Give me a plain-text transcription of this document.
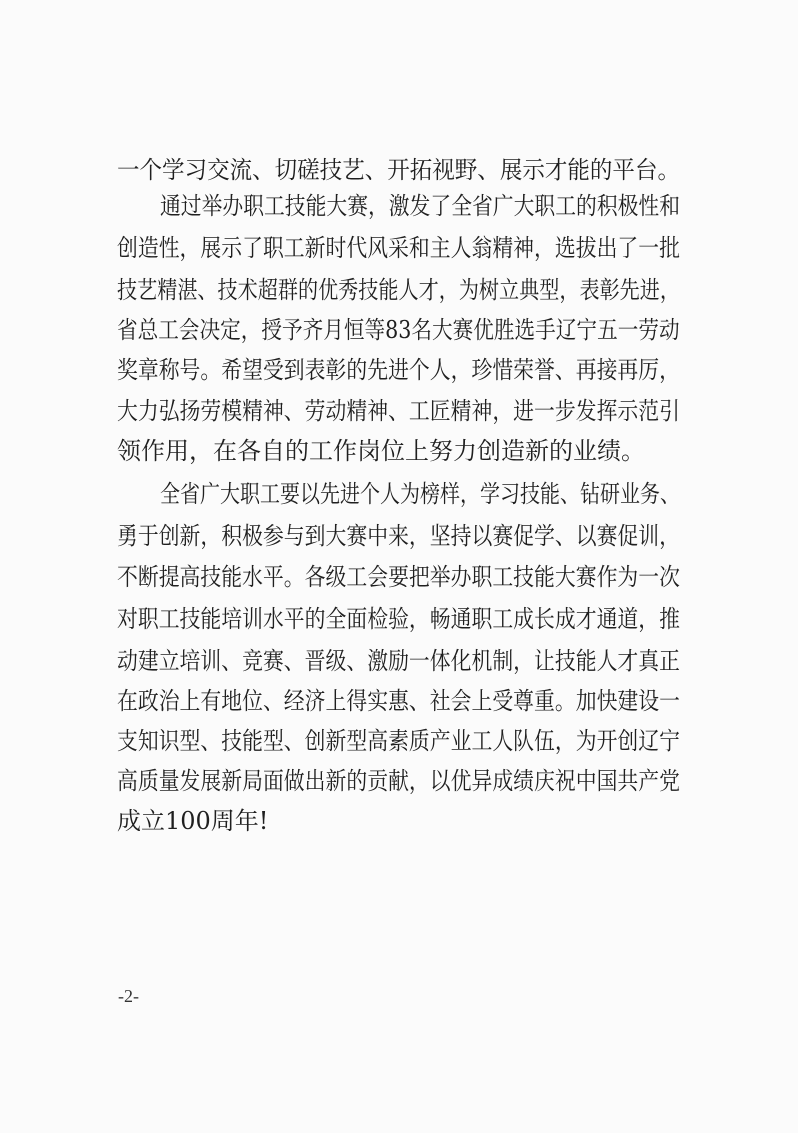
一个学习交流、切磋技艺、开拓视野、展示才能的平台。
通过举办职工技能大赛，激发了全省广大职工的积极性和
创造性，展示了职工新时代风采和主人翁精神，选拔出了一批
技艺精湛、技术超群的优秀技能人才，为树立典型，表彰先进，
省总工会决定，授予齐月恒等83名大赛优胜选手辽宁五一劳动
奖章称号。希望受到表彰的先进个人，珍惜荣誉、再接再厉，
大力弘扬劳模精神、劳动精神、工匠精神，进一步发挥示范引
领作用，在各自的工作岗位上努力创造新的业绩。
全省广大职工要以先进个人为榜样，学习技能、钻研业务、
勇于创新，积极参与到大赛中来，坚持以赛促学、以赛促训，
不断提高技能水平。各级工会要把举办职工技能大赛作为一次
对职工技能培训水平的全面检验，畅通职工成长成才通道，推
动建立培训、竞赛、晋级、激励一体化机制，让技能人才真正
在政治上有地位、经济上得实惠、社会上受尊重。加快建设一
支知识型、技能型、创新型高素质产业工人队伍，为开创辽宁
高质量发展新局面做出新的贡献，以优异成绩庆祝中国共产党
成立100周年!
-2-
